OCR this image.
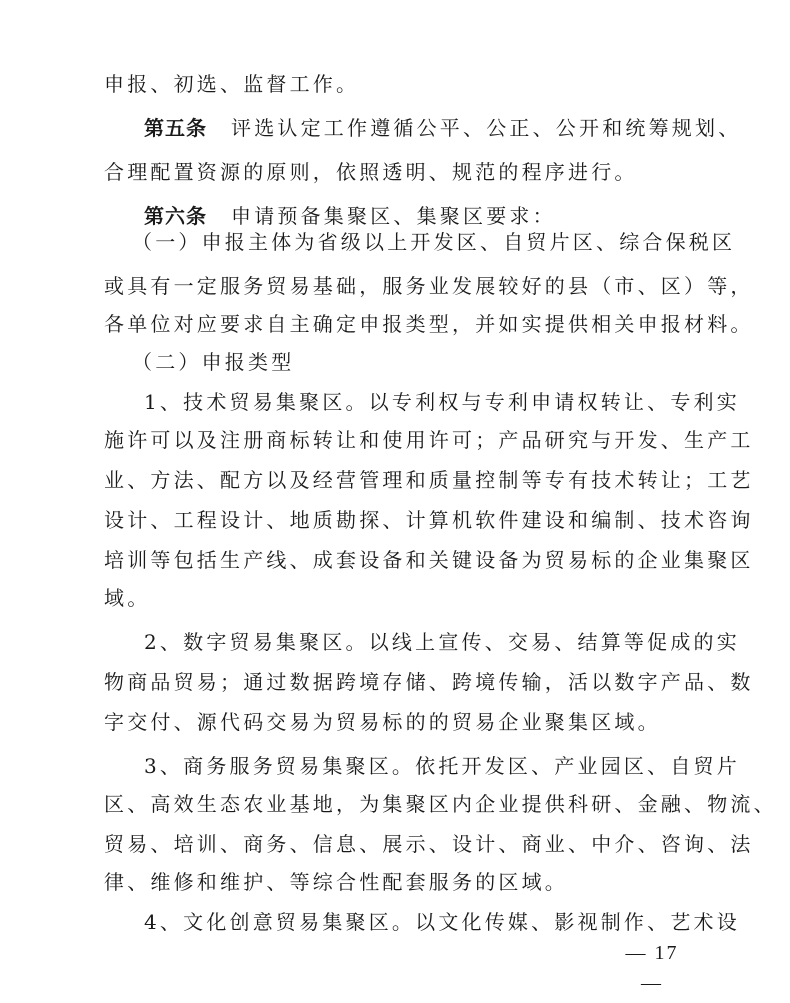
申报、初选、监督工作。
第五条 评选认定工作遵循公平、公正、公开和统筹规划、
合理配置资源的原则，依照透明、规范的程序进行。
第六条 申请预备集聚区、集聚区要求：
（一）申报主体为省级以上开发区、自贸片区、综合保税区
或具有一定服务贸易基础，服务业发展较好的县（市、区）等，
各单位对应要求自主确定申报类型，并如实提供相关申报材料。
（二）申报类型
1、技术贸易集聚区。以专利权与专利申请权转让、专利实
施许可以及注册商标转让和使用许可；产品研究与开发、生产工
业、方法、配方以及经营管理和质量控制等专有技术转让；工艺
设计、工程设计、地质勘探、计算机软件建设和编制、技术咨询
培训等包括生产线、成套设备和关键设备为贸易标的企业集聚区
域。
2、数字贸易集聚区。以线上宣传、交易、结算等促成的实
物商品贸易；通过数据跨境存储、跨境传输，活以数字产品、数
字交付、源代码交易为贸易标的的贸易企业聚集区域。
3、商务服务贸易集聚区。依托开发区、产业园区、自贸片
区、高效生态农业基地，为集聚区内企业提供科研、金融、物流、
贸易、培训、商务、信息、展示、设计、商业、中介、咨询、法
律、维修和维护、等综合性配套服务的区域。
4、文化创意贸易集聚区。以文化传媒、影视制作、艺术设
— 17 —
